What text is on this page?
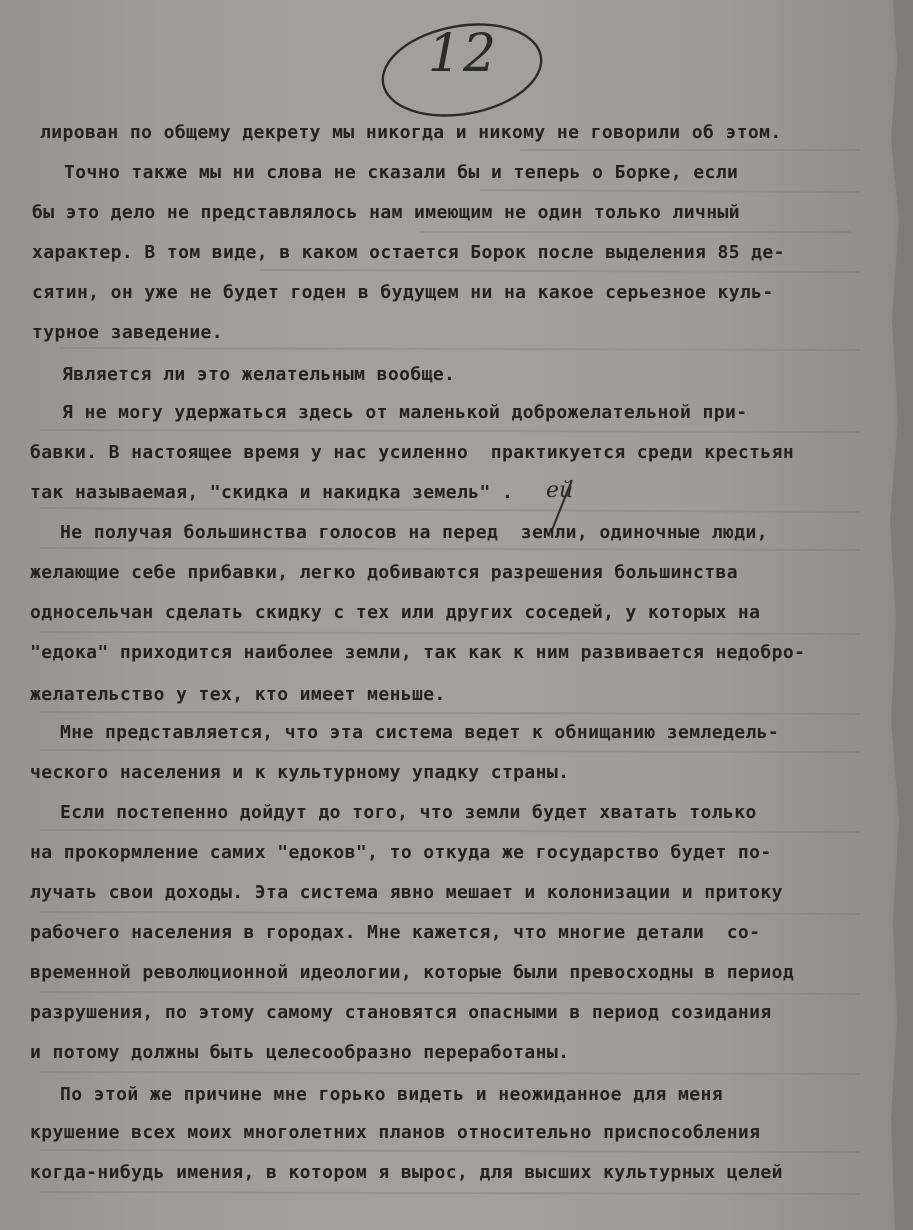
12
ей
лирован по общему декрету мы никогда и никому не говорили об этом.
Точно также мы ни слова не сказали бы и теперь о Борке, если
бы это дело не представлялось нам имеющим не один только личный
характер. В том виде, в каком остается Борок после выделения 85 де-
сятин, он уже не будет годен в будущем ни на какое серьезное куль-
турное заведение.
Является ли это желательным вообще.
Я не могу удержаться здесь от маленькой доброжелательной при-
бавки. В настоящее время у нас усиленно  практикуется среди крестьян
так называемая, "скидка и накидка земель" .
Не получая большинства голосов на перед  земли, одиночные люди,
желающие себе прибавки, легко добиваются разрешения большинства
односельчан сделать скидку с тех или других соседей, у которых на
"едока" приходится наиболее земли, так как к ним развивается недобро-
желательство у тех, кто имеет меньше.
Мне представляется, что эта система ведет к обнищанию земледель-
ческого населения и к культурному упадку страны.
Если постепенно дойдут до того, что земли будет хватать только
на прокормление самих "едоков", то откуда же государство будет по-
лучать свои доходы. Эта система явно мешает и колонизации и притоку
рабочего населения в городах. Мне кажется, что многие детали  со-
временной революционной идеологии, которые были превосходны в период
разрушения, по этому самому становятся опасными в период созидания
и потому должны быть целесообразно переработаны.
По этой же причине мне горько видеть и неожиданное для меня
крушение всех моих многолетних планов относительно приспособления
когда-нибудь имения, в котором я вырос, для высших культурных целей
